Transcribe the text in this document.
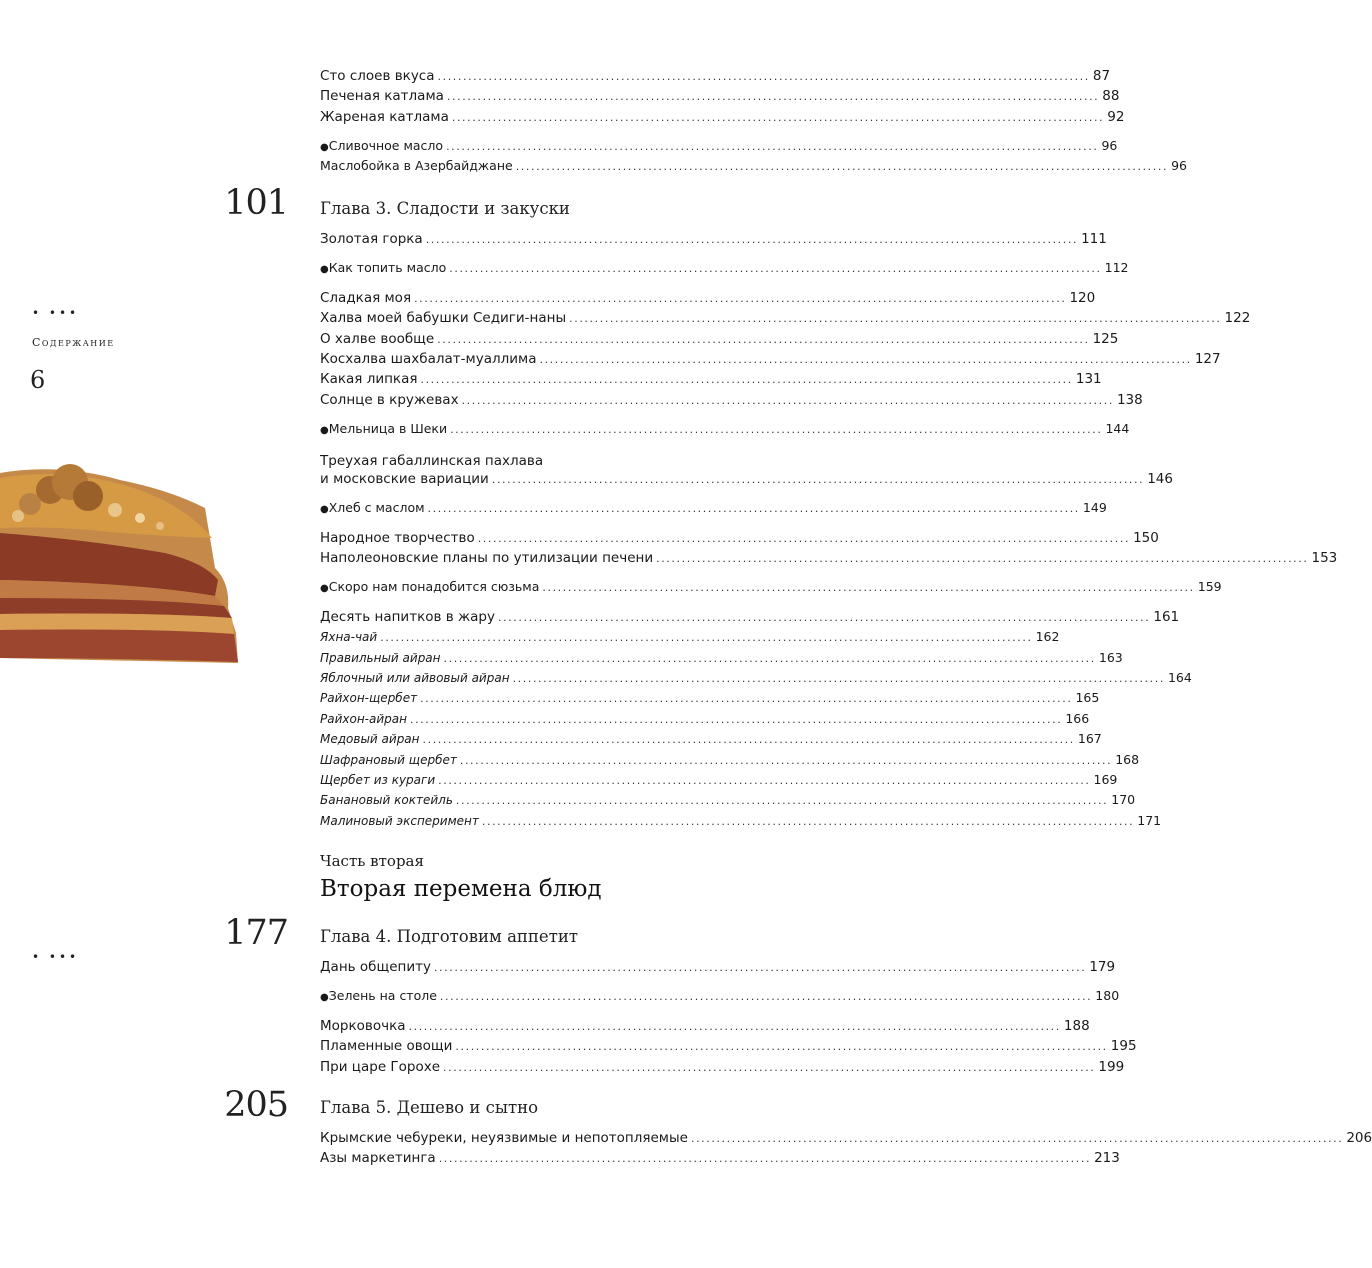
• •••
Содержание
6
• •••
101
177
205
Сто слоев вкуса ................................................................................................................................ 87
Печеная катлама ................................................................................................................................ 88
Жареная катлама ................................................................................................................................ 92
● Сливочное масло ................................................................................................................................ 96
Маслобойка в Азербайджане ................................................................................................................................ 96
Глава 3. Сладости и закуски
Золотая горка ................................................................................................................................ 111
● Как топить масло ................................................................................................................................ 112
Сладкая моя ................................................................................................................................ 120
Халва моей бабушки Седиги-наны ................................................................................................................................ 122
О халве вообще ................................................................................................................................ 125
Косхалва шахбалат-муаллима ................................................................................................................................ 127
Какая липкая ................................................................................................................................ 131
Солнце в кружевах ................................................................................................................................ 138
● Мельница в Шеки ................................................................................................................................ 144
Треухая габаллинская пахлава
и московские вариации ................................................................................................................................ 146
● Хлеб с маслом ................................................................................................................................ 149
Народное творчество ................................................................................................................................ 150
Наполеоновские планы по утилизации печени ................................................................................................................................ 153
● Скоро нам понадобится сюзьма ................................................................................................................................ 159
Десять напитков в жару ................................................................................................................................ 161
Яхна-чай ................................................................................................................................ 162
Правильный айран ................................................................................................................................ 163
Яблочный или айвовый айран ................................................................................................................................ 164
Райхон-щербет ................................................................................................................................ 165
Райхон-айран ................................................................................................................................ 166
Медовый айран ................................................................................................................................ 167
Шафрановый щербет ................................................................................................................................ 168
Щербет из кураги ................................................................................................................................ 169
Банановый коктейль ................................................................................................................................ 170
Малиновый эксперимент ................................................................................................................................ 171
Часть вторая
Вторая перемена блюд
Глава 4. Подготовим аппетит
Дань общепиту ................................................................................................................................ 179
● Зелень на столе ................................................................................................................................ 180
Морковочка ................................................................................................................................ 188
Пламенные овощи ................................................................................................................................ 195
При царе Горохе ................................................................................................................................ 199
Глава 5. Дешево и сытно
Крымские чебуреки, неуязвимые и непотопляемые ................................................................................................................................ 206
Азы маркетинга ................................................................................................................................ 213
